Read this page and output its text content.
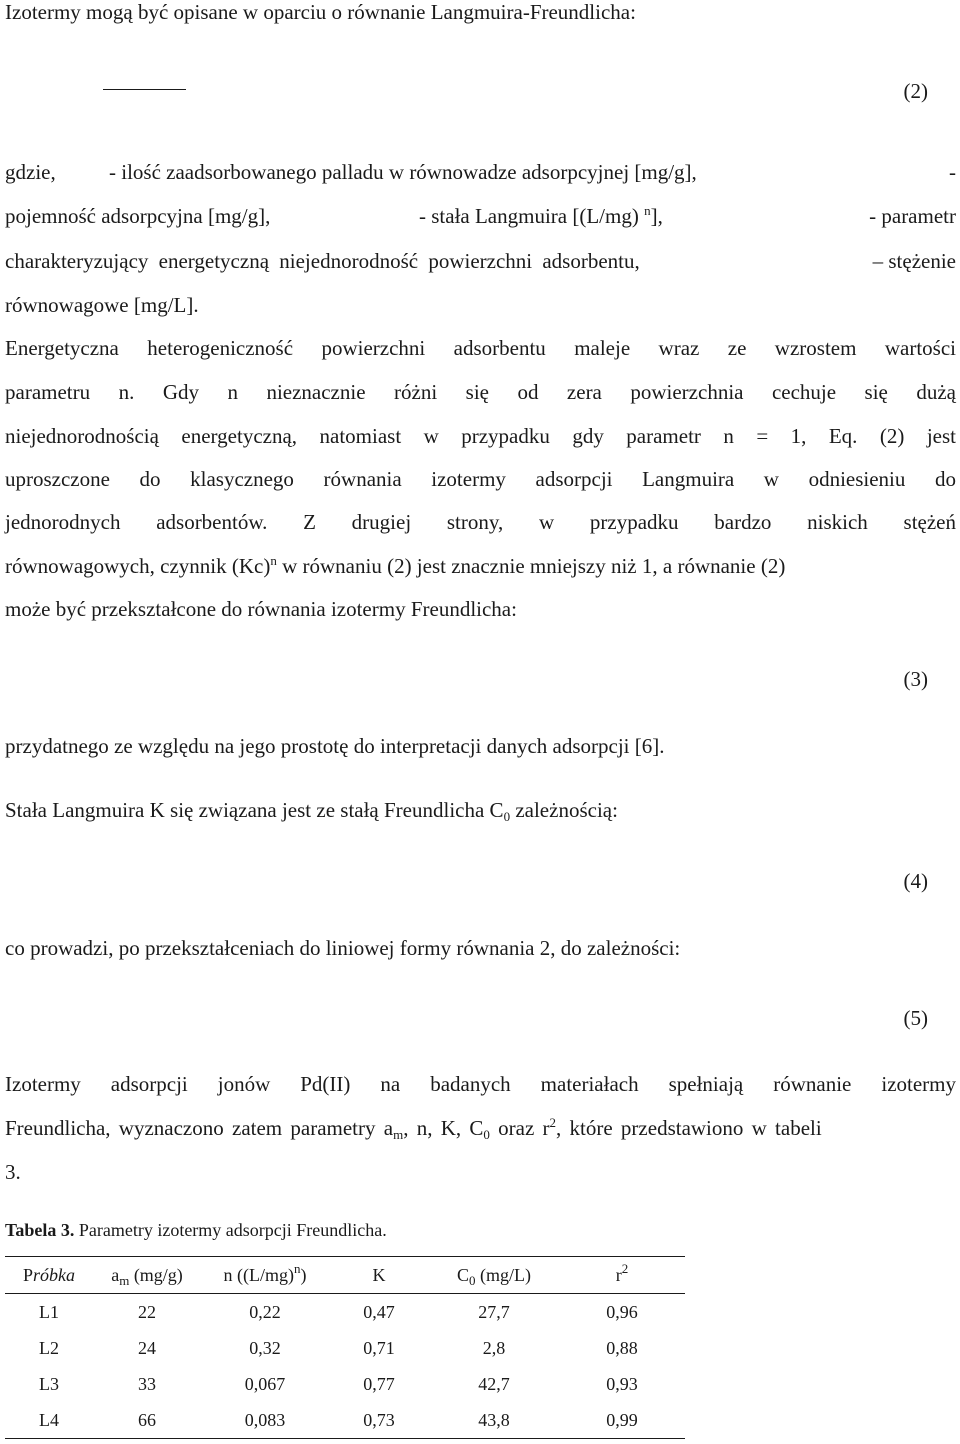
Izotermy mogą być opisane w oparciu o równanie Langmuira-Freundlicha:
(2)
gdzie,	- ilość zaadsorbowanego palladu w równowadze adsorpcyjnej [mg/g],	-
pojemność adsorpcyjna [mg/g],	- stała Langmuira [(L/mg) $^n$],	- parametr
charakteryzujący energetyczną niejednorodność powierzchni adsorbentu,	– stężenie
równowagowe [mg/L].
Energetyczna heterogeniczność powierzchni adsorbentu maleje wraz ze wzrostem wartości
parametru n. Gdy n nieznacznie różni się od zera powierzchnia cechuje się dużą
niejednorodnością energetyczną, natomiast w przypadku gdy parametr n = 1, Eq. (2) jest
uproszczone do klasycznego równania izotermy adsorpcji Langmuira w odniesieniu do
jednorodnych adsorbentów. Z drugiej strony, w przypadku bardzo niskich stężeń
równowagowych, czynnik $(Kc)^n$ w równaniu (2) jest znacznie mniejszy niż 1, a równanie (2)
może być przekształcone do równania izotermy Freundlicha:
(3)
przydatnego ze względu na jego prostotę do interpretacji danych adsorpcji [6].
Stała Langmuira K się związana jest ze stałą Freundlicha $C_0$ zależnością:
(4)
co prowadzi, po przekształceniach do liniowej formy równania 2, do zależności:
(5)
Izotermy adsorpcji jonów Pd(II) na badanych materiałach spełniają równanie izotermy
Freundlicha, wyznaczono zatem parametry $a_m$, n, K, $C_0$ oraz $r^2$, które przedstawiono w tabeli
3.
Tabela 3. Parametry izotermy adsorpcji Freundlicha.
Próbka	$a_m$ (mg/g)	n $((L/mg)^n)$	K	$C_0$ (mg/L)	$r^2$
L1	22	0,22	0,47	27,7	0,96
L2	24	0,32	0,71	2,8	0,88
L3	33	0,067	0,77	42,7	0,93
L4	66	0,083	0,73	43,8	0,99
